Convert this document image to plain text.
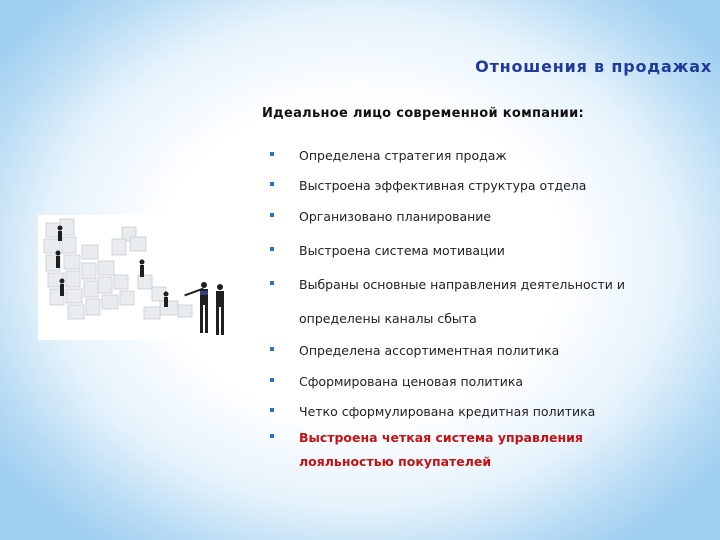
Отношения в продажах
Идеальное лицо современной компании:
Определена стратегия продаж
Выстроена эффективная структура отдела
Организовано планирование
Выстроена система мотивации
Выбраны основные направления деятельности и
определены каналы сбыта
Определена ассортиментная политика
Сформирована ценовая политика
Четко сформулирована кредитная политика
Выстроена четкая система управления
лояльностью покупателей
